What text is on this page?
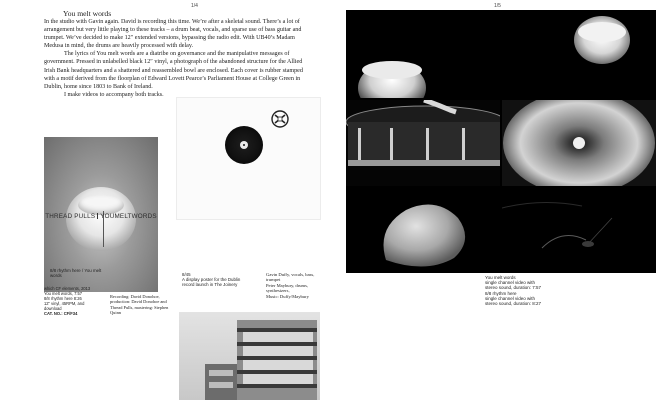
1/4
You melt words

In the studio with Gavin again. David is recording this time. We’re after a skeletal sound. There’s a lot of arrangement but very little playing to these tracks – a drum beat, vocals, and sparse use of bass guitar and trumpet. We’ve decided to make 12″ extended versions, bypassing the radio edit. With UB40’s Madam Medusa in mind, the drums are heavily processed with delay.

The lyrics of You melt words are a diatribe on governance and the manipulative messages of government. Pressed in unlabelled black 12″ vinyl, a photograph of the abandoned structure for the Allied Irish Bank headquarters and a shattered and reassembled bowl are enclosed. Each cover is rubber stamped with a motif derived from the floorplan of Edward Lovett Pearce’s Parliament House at College Green in Dublin, home since 1803 to Bank of Ireland.

I make videos to accompany both tracks.

THREAD PULLS YOUMELTWORDS
8/8 rhythm here / You melt
words
which CF elements, 2013
You melt words, 7:57
8/8 rhythm here 8:26
12" vinyl, 45RPM, and
download
CAT. NO.: CF/F34
Recording: David Donohoe, production: David Donohoe and Thread Pulls, mastering: Stephen Quinn
8/45
A display poster for the Dublin record launch in The Joinery
Gavin Duffy, vocals, bass, trumpet
Peter Maybury, drums, synthesizers,
Music: Duffy/Maybury
1/5
You melt words
single channel video with
stereo sound, duration: 7:57
8/8 rhythm here
single channel video with
stereo sound, duration: 8:27
